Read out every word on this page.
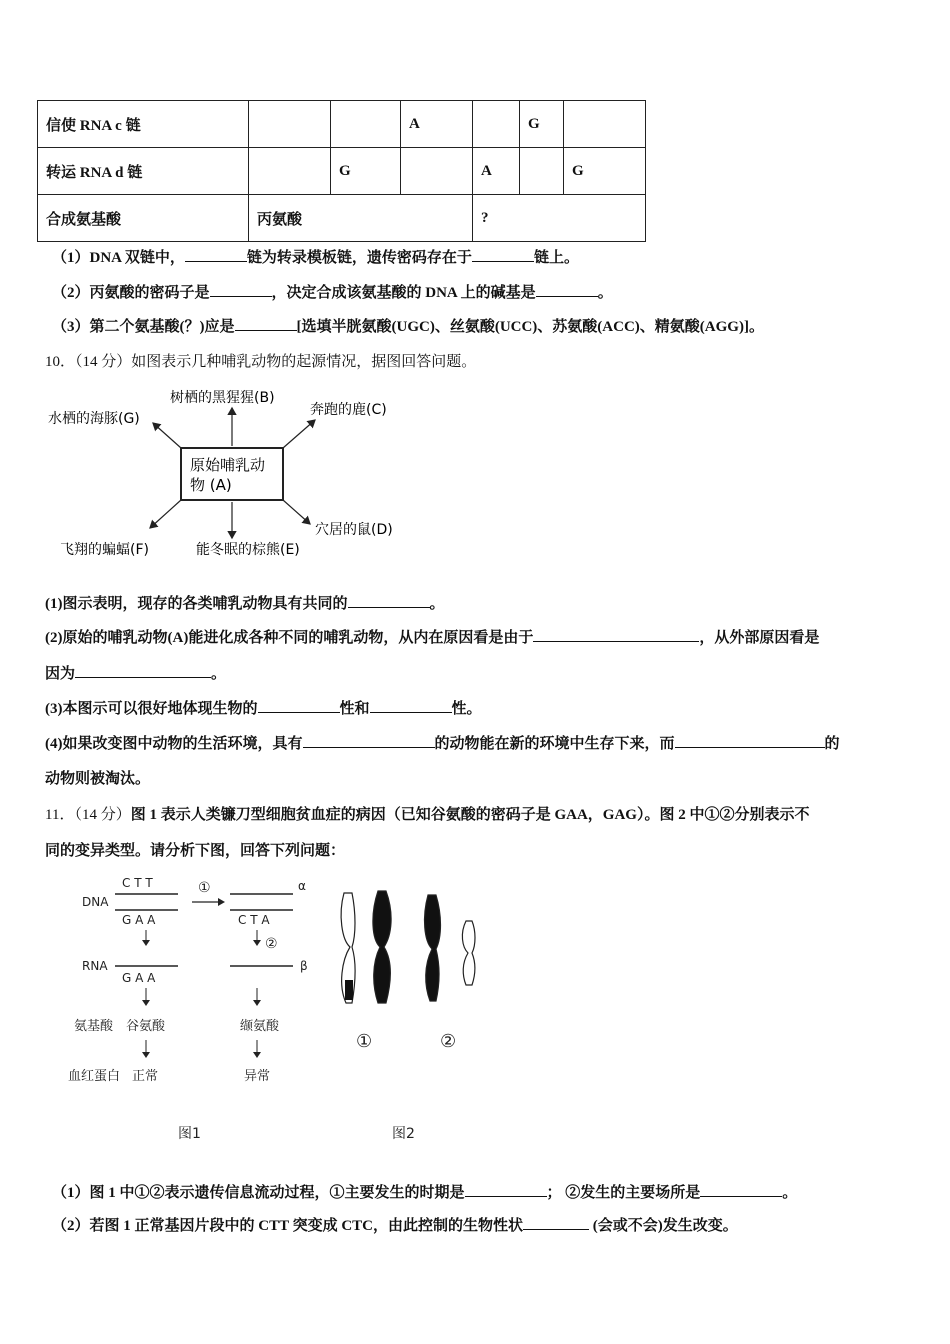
信使 RNA c 链			A		G	
转运 RNA d 链		G		A		G
合成氨基酸	丙氨酸			?		
（1）DNA 双链中，	链为转录模板链，遗传密码存在于	链上。
（2）丙氨酸的密码子是	，决定合成该氨基酸的 DNA 上的碱基是	。
（3）第二个氨基酸(？)应是	[选填半胱氨酸(UGC)、丝氨酸(UCC)、苏氨酸(ACC)、精氨酸(AGG)]。
10．（14 分）如图表示几种哺乳动物的起源情况，据图回答问题。
原始哺乳动
物 (A)
树栖的黑猩猩(B)
奔跑的鹿(C)
水栖的海豚(G)
穴居的鼠(D)
飞翔的蝙蝠(F)	能冬眠的棕熊(E)
(1)图示表明，现存的各类哺乳动物具有共同的	。
(2)原始的哺乳动物(A)能进化成各种不同的哺乳动物，从内在原因看是由于	，从外部原因看是
因为	。
(3)本图示可以很好地体现生物的	性和	性。
(4)如果改变图中动物的生活环境，具有	的动物能在新的环境中生存下来，而	的
动物则被淘汰。
11．（14 分）图 1 表示人类镰刀型细胞贫血症的病因（已知谷氨酸的密码子是 GAA，GAG）。图 2 中①②分别表示不
同的变异类型。请分析下图，回答下列问题：
DNA
C T T
G A A
①	α
C T A
②
RNA
G A A
β
氨基酸 谷氨酸	缬氨酸
血红蛋白 正常	异常
图1
①	②
图2
（1）图 1 中①②表示遗传信息流动过程，①主要发生的时期是	； ②发生的主要场所是	。
（2）若图 1 正常基因片段中的 CTT 突变成 CTC，由此控制的生物性状	(会或不会)发生改变。
